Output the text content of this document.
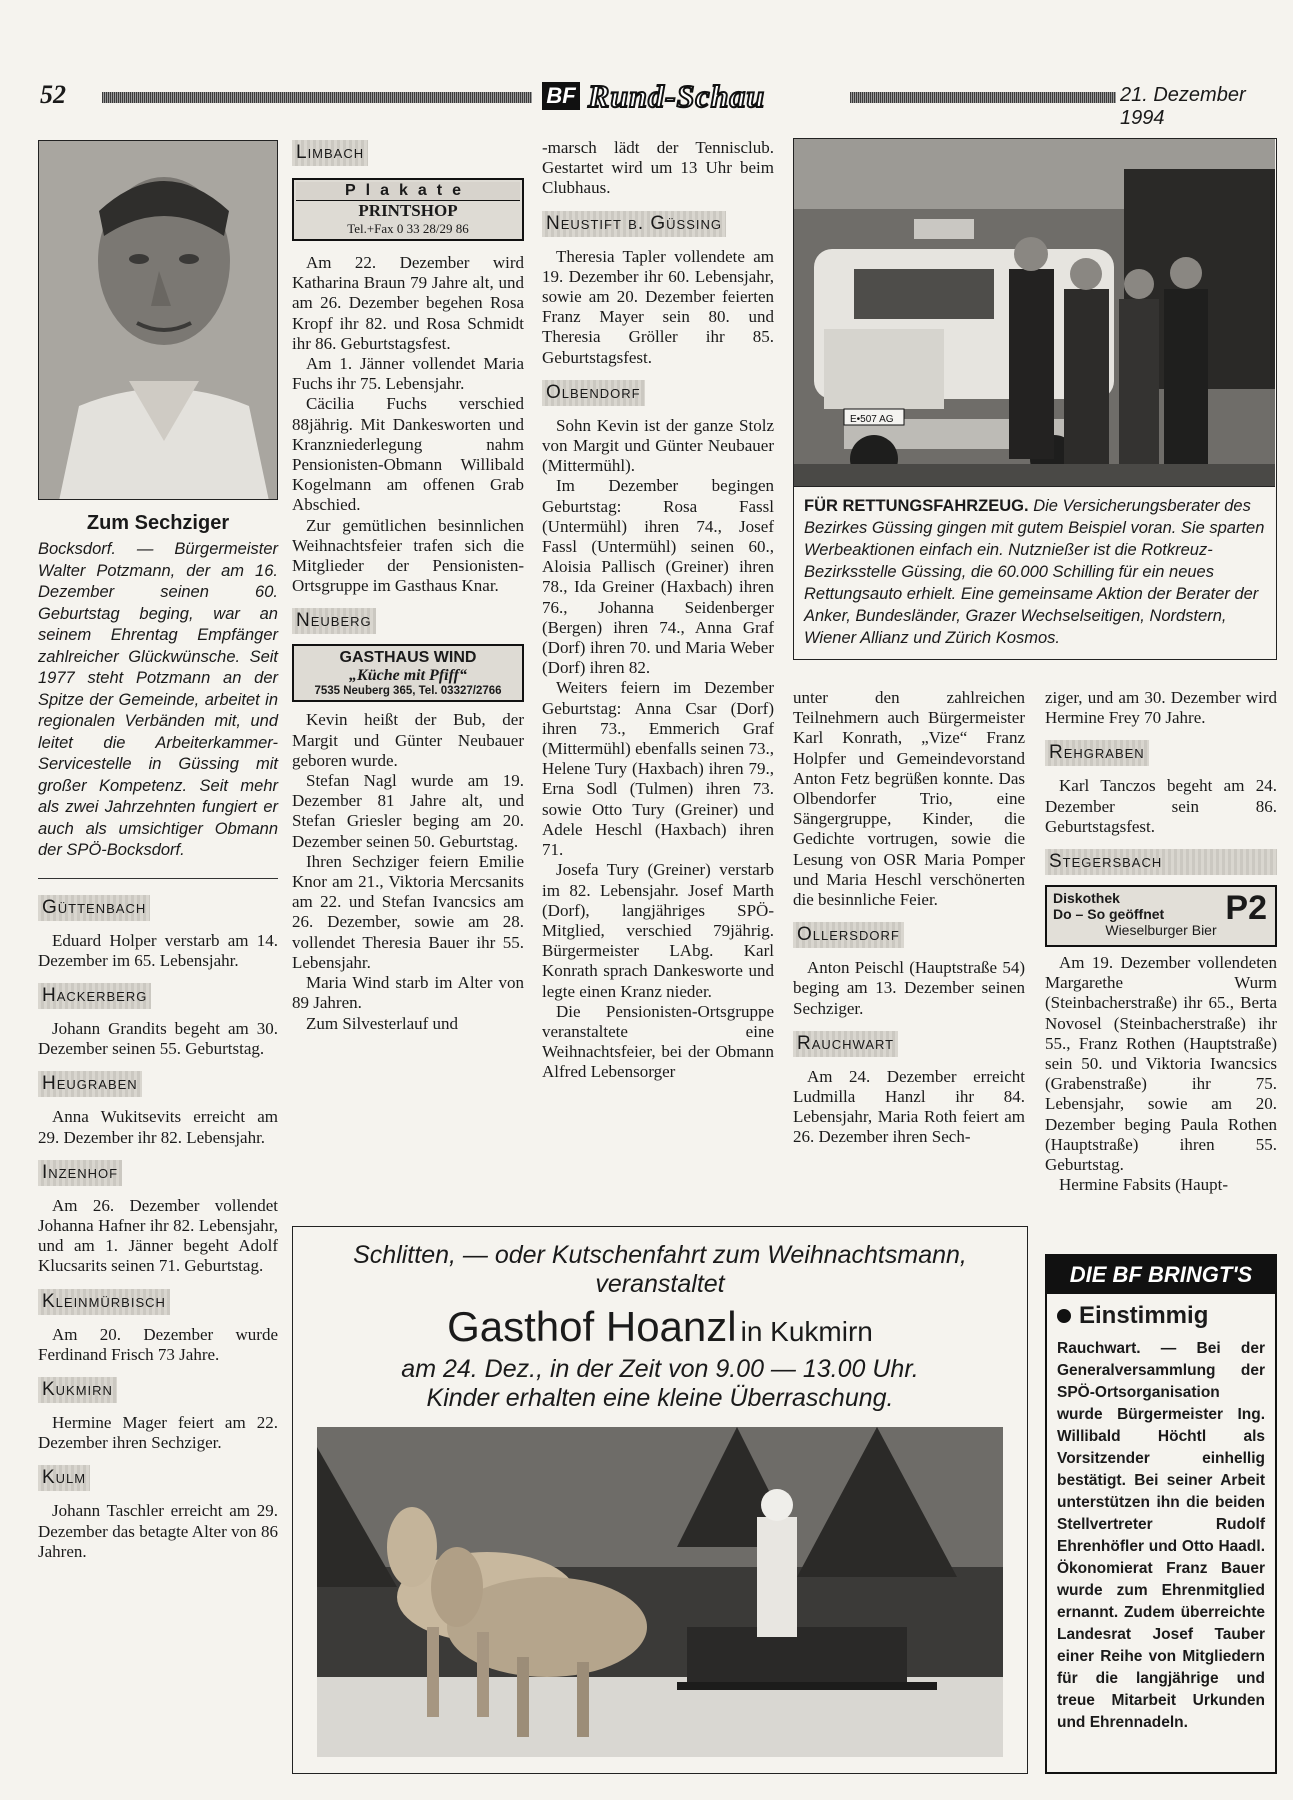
52	BF Rund-Schau	21. Dezember 1994
Zum Sechziger

Bocksdorf. — Bürgermeister Walter Potzmann, der am 16. Dezember seinen 60. Geburtstag beging, war an seinem Ehrentag Empfänger zahlreicher Glückwünsche. Seit 1977 steht Potzmann an der Spitze der Gemeinde, arbeitet in regionalen Verbänden mit, und leitet die Arbeiterkammer-Servicestelle in Güssing mit großer Kompetenz. Seit mehr als zwei Jahrzehnten fungiert er auch als umsichtiger Obmann der SPÖ-Bocksdorf.

Güttenbach

Eduard Holper verstarb am 14. Dezember im 65. Lebensjahr.

Hackerberg

Johann Grandits begeht am 30. Dezember seinen 55. Geburtstag.

Heugraben

Anna Wukitsevits erreicht am 29. Dezember ihr 82. Lebensjahr.

Inzenhof

Am 26. Dezember vollendet Johanna Hafner ihr 82. Lebensjahr, und am 1. Jänner begeht Adolf Klucsarits seinen 71. Geburtstag.

Kleinmürbisch

Am 20. Dezember wurde Ferdinand Frisch 73 Jahre.

Kukmirn

Hermine Mager feiert am 22. Dezember ihren Sechziger.

Kulm

Johann Taschler erreicht am 29. Dezember das betagte Alter von 86 Jahren.

Limbach
Plakate
PRINTSHOP
Tel.+Fax 0 33 28/29 86

Am 22. Dezember wird Katharina Braun 79 Jahre alt, und am 26. Dezember begehen Rosa Kropf ihr 82. und Rosa Schmidt ihr 86. Geburtstagsfest.

Am 1. Jänner vollendet Maria Fuchs ihr 75. Lebensjahr.

Cäcilia Fuchs verschied 88jährig. Mit Dankesworten und Kranzniederlegung nahm Pensionisten-Obmann Willibald Kogelmann am offenen Grab Abschied.

Zur gemütlichen besinnlichen Weihnachtsfeier trafen sich die Mitglieder der Pensionisten-Ortsgruppe im Gasthaus Knar.

Neuberg
GASTHAUS WIND
„Küche mit Pfiff“
7535 Neuberg 365, Tel. 03327/2766

Kevin heißt der Bub, der Margit und Günter Neubauer geboren wurde.

Stefan Nagl wurde am 19. Dezember 81 Jahre alt, und Stefan Griesler beging am 20. Dezember seinen 50. Geburtstag.

Ihren Sechziger feiern Emilie Knor am 21., Viktoria Mercsanits am 22. und Stefan Ivancsics am 26. Dezember, sowie am 28. vollendet Theresia Bauer ihr 55. Lebensjahr.

Maria Wind starb im Alter von 89 Jahren.

Zum Silvesterlauf und

-marsch lädt der Tennisclub. Gestartet wird um 13 Uhr beim Clubhaus.

Neustift b. Güssing

Theresia Tapler vollendete am 19. Dezember ihr 60. Lebensjahr, sowie am 20. Dezember feierten Franz Mayer sein 80. und Theresia Gröller ihr 85. Geburtstagsfest.

Olbendorf

Sohn Kevin ist der ganze Stolz von Margit und Günter Neubauer (Mittermühl).

Im Dezember begingen Geburtstag: Rosa Fassl (Untermühl) ihren 74., Josef Fassl (Untermühl) seinen 60., Aloisia Pallisch (Greiner) ihren 78., Ida Greiner (Haxbach) ihren 76., Johanna Seidenberger (Bergen) ihren 74., Anna Graf (Dorf) ihren 70. und Maria Weber (Dorf) ihren 82.

Weiters feiern im Dezember Geburtstag: Anna Csar (Dorf) ihren 73., Emmerich Graf (Mittermühl) ebenfalls seinen 73., Helene Tury (Haxbach) ihren 79., Erna Sodl (Tulmen) ihren 73. sowie Otto Tury (Greiner) und Adele Heschl (Haxbach) ihren 71.

Josefa Tury (Greiner) verstarb im 82. Lebensjahr. Josef Marth (Dorf), langjähriges SPÖ-Mitglied, verschied 79jährig. Bürgermeister LAbg. Karl Konrath sprach Dankesworte und legte einen Kranz nieder.

Die Pensionisten-Ortsgruppe veranstaltete eine Weihnachtsfeier, bei der Obmann Alfred Lebensorger

E•507 AG

FÜR RETTUNGSFAHRZEUG. Die Versicherungsberater des Bezirkes Güssing gingen mit gutem Beispiel voran. Sie sparten Werbeaktionen einfach ein. Nutznießer ist die Rotkreuz-Bezirksstelle Güssing, die 60.000 Schilling für ein neues Rettungsauto erhielt. Eine gemeinsame Aktion der Berater der Anker, Bundesländer, Grazer Wechselseitigen, Nordstern, Wiener Allianz und Zürich Kosmos.

unter den zahlreichen Teilnehmern auch Bürgermeister Karl Konrath, „Vize“ Franz Holpfer und Gemeindevorstand Anton Fetz begrüßen konnte. Das Olbendorfer Trio, eine Sängergruppe, Kinder, die Gedichte vortrugen, sowie die Lesung von OSR Maria Pomper und Maria Heschl verschönerten die besinnliche Feier.

Ollersdorf

Anton Peischl (Hauptstraße 54) beging am 13. Dezember seinen Sechziger.

Rauchwart

Am 24. Dezember erreicht Ludmilla Hanzl ihr 84. Lebensjahr, Maria Roth feiert am 26. Dezember ihren Sech-

ziger, und am 30. Dezember wird Hermine Frey 70 Jahre.

Rehgraben

Karl Tanczos begeht am 24. Dezember sein 86. Geburtstagsfest.

Stegersbach
Diskothek
Do – So geöffnet
Wieselburger Bier
P2

Am 19. Dezember vollendeten Margarethe Wurm (Steinbacherstraße) ihr 65., Berta Novosel (Steinbacherstraße) ihr 55., Franz Rothen (Hauptstraße) sein 50. und Viktoria Iwancsics (Grabenstraße) ihr 75. Lebensjahr, sowie am 20. Dezember beging Paula Rothen (Hauptstraße) ihren 55. Geburtstag.

Hermine Fabsits (Haupt-

Schlitten, — oder Kutschenfahrt zum Weihnachtsmann,
veranstaltet
Gasthof Hoanzl in Kukmirn
am 24. Dez., in der Zeit von 9.00 — 13.00 Uhr.
Kinder erhalten eine kleine Überraschung.
DIE BF BRINGT'S
Einstimmig

Rauchwart. — Bei der Generalversammlung der SPÖ-Ortsorganisation wurde Bürgermeister Ing. Willibald Höchtl als Vorsitzender einhellig bestätigt. Bei seiner Arbeit unterstützen ihn die beiden Stellvertreter Rudolf Ehrenhöfler und Otto Haadl. Ökonomierat Franz Bauer wurde zum Ehrenmitglied ernannt. Zudem überreichte Landesrat Josef Tauber einer Reihe von Mitgliedern für die langjährige und treue Mitarbeit Urkunden und Ehrennadeln.
